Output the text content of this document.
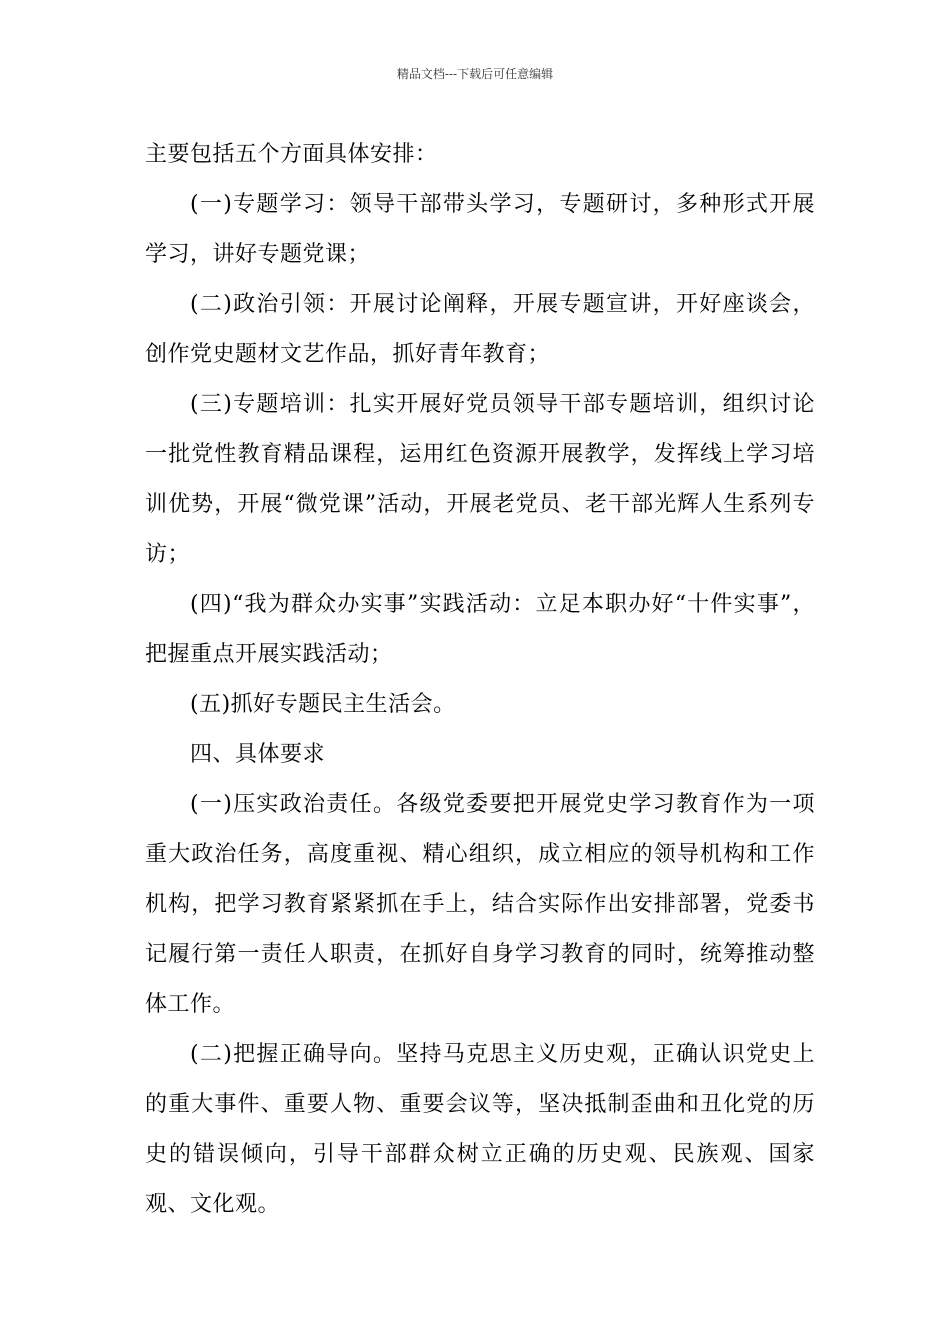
精品文档---下载后可任意编辑

主要包括五个方面具体安排：

(一)专题学习：领导干部带头学习，专题研讨，多种形式开展学习，讲好专题党课；

(二)政治引领：开展讨论阐释，开展专题宣讲，开好座谈会，创作党史题材文艺作品，抓好青年教育；

(三)专题培训：扎实开展好党员领导干部专题培训，组织讨论一批党性教育精品课程，运用红色资源开展教学，发挥线上学习培训优势，开展“微党课”活动，开展老党员、老干部光辉人生系列专访；

(四)“我为群众办实事”实践活动：立足本职办好“十件实事”，把握重点开展实践活动；

(五)抓好专题民主生活会。

四、具体要求

(一)压实政治责任。各级党委要把开展党史学习教育作为一项重大政治任务，高度重视、精心组织，成立相应的领导机构和工作机构，把学习教育紧紧抓在手上，结合实际作出安排部署，党委书记履行第一责任人职责，在抓好自身学习教育的同时，统筹推动整体工作。

(二)把握正确导向。坚持马克思主义历史观，正确认识党史上的重大事件、重要人物、重要会议等，坚决抵制歪曲和丑化党的历史的错误倾向，引导干部群众树立正确的历史观、民族观、国家观、文化观。
